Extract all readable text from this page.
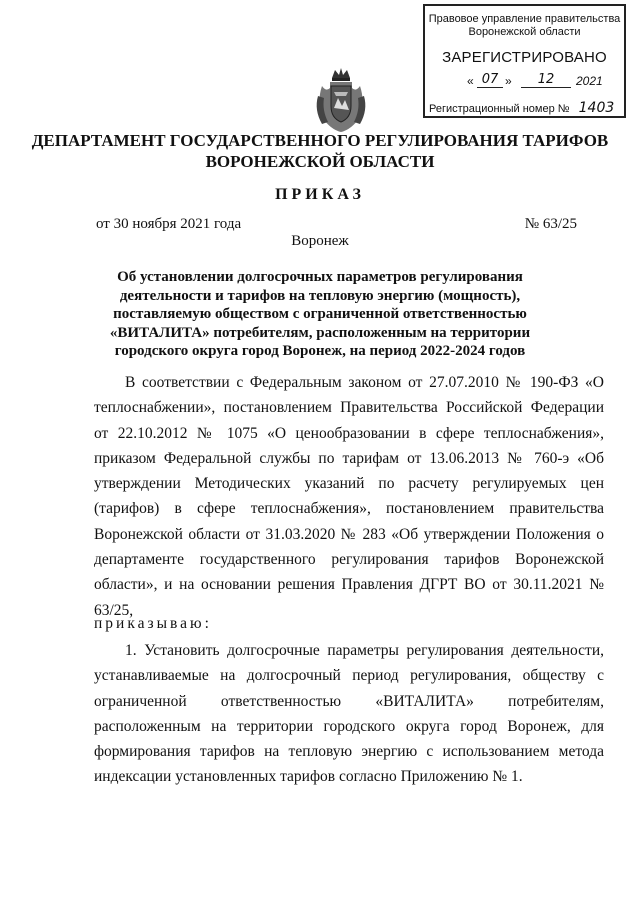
Правовое управление правительства
Воронежской области
ЗАРЕГИСТРИРОВАНО
« 07 »	12	2021
Регистрационный номер № 1403
ДЕПАРТАМЕНТ ГОСУДАРСТВЕННОГО РЕГУЛИРОВАНИЯ ТАРИФОВ ВОРОНЕЖСКОЙ ОБЛАСТИ
ПРИКАЗ
от 30 ноября 2021 года	№ 63/25
Воронеж
Об установлении долгосрочных параметров регулирования деятельности и тарифов на тепловую энергию (мощность), поставляемую обществом с ограниченной ответственностью «ВИТАЛИТА» потребителям, расположенным на территории городского округа город Воронеж, на период 2022-2024 годов
В соответствии с Федеральным законом от 27.07.2010 № 190-ФЗ «О теплоснабжении», постановлением Правительства Российской Федерации от 22.10.2012 № 1075 «О ценообразовании в сфере теплоснабжения», приказом Федеральной службы по тарифам от 13.06.2013 № 760-э «Об утверждении Методических указаний по расчету регулируемых цен (тарифов) в сфере теплоснабжения», постановлением правительства Воронежской области от 31.03.2020 № 283 «Об утверждении Положения о департаменте государственного регулирования тарифов Воронежской области», и на основании решения Правления ДГРТ ВО от 30.11.2021 № 63/25,
приказываю:
1. Установить долгосрочные параметры регулирования деятельности, устанавливаемые на долгосрочный период регулирования, обществу с ограниченной ответственностью «ВИТАЛИТА» потребителям, расположенным на территории городского округа город Воронеж, для формирования тарифов на тепловую энергию с использованием метода индексации установленных тарифов согласно Приложению № 1.
